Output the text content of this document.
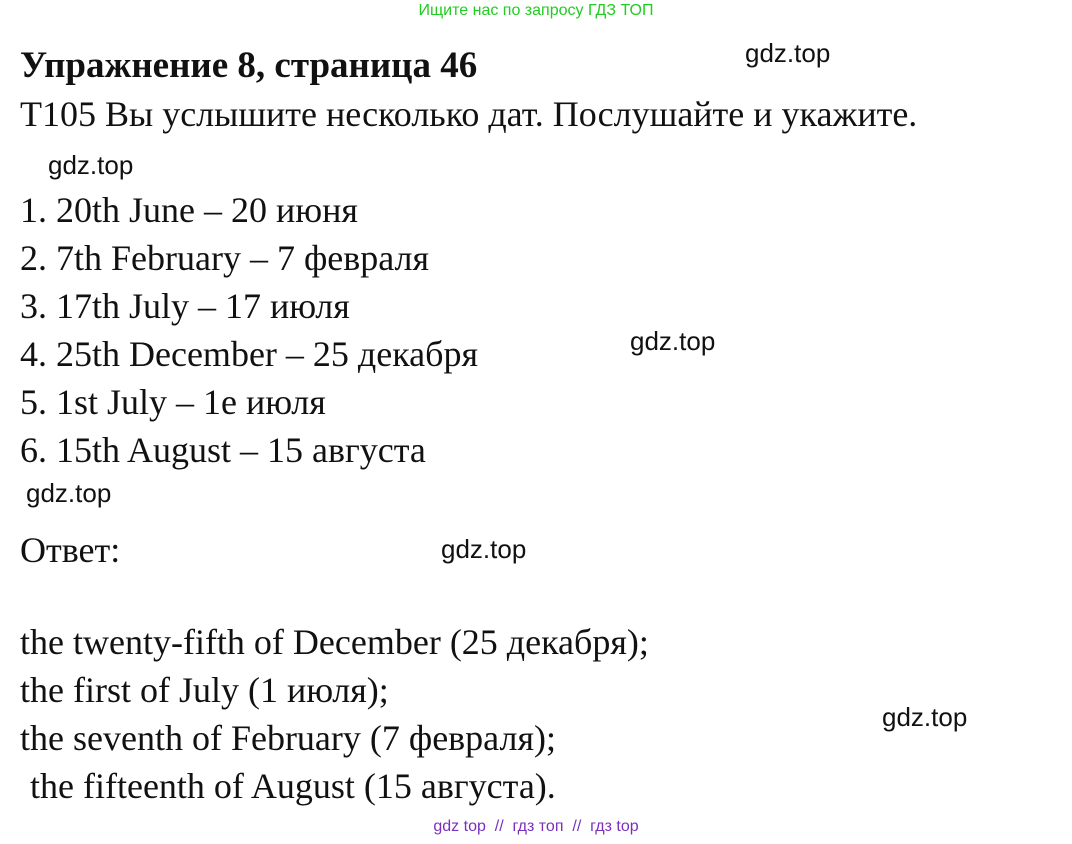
Ищите нас по запросу ГДЗ ТОП
Упражнение 8, страница 46
T105 Вы услышите несколько дат. Послушайте и укажите.
1. 20th June – 20 июня
2. 7th February – 7 февраля
3. 17th July – 17 июля
4. 25th December – 25 декабря
5. 1st July – 1е июля
6. 15th August – 15 августа
Ответ:
the twenty-fifth of December (25 декабря);
the first of July (1 июля);
the seventh of February (7 февраля);
the fifteenth of August (15 августа).
gdz.top
gdz.top
gdz.top
gdz.top
gdz.top
gdz.top
gdz top  //  гдз топ  //  гдз top
